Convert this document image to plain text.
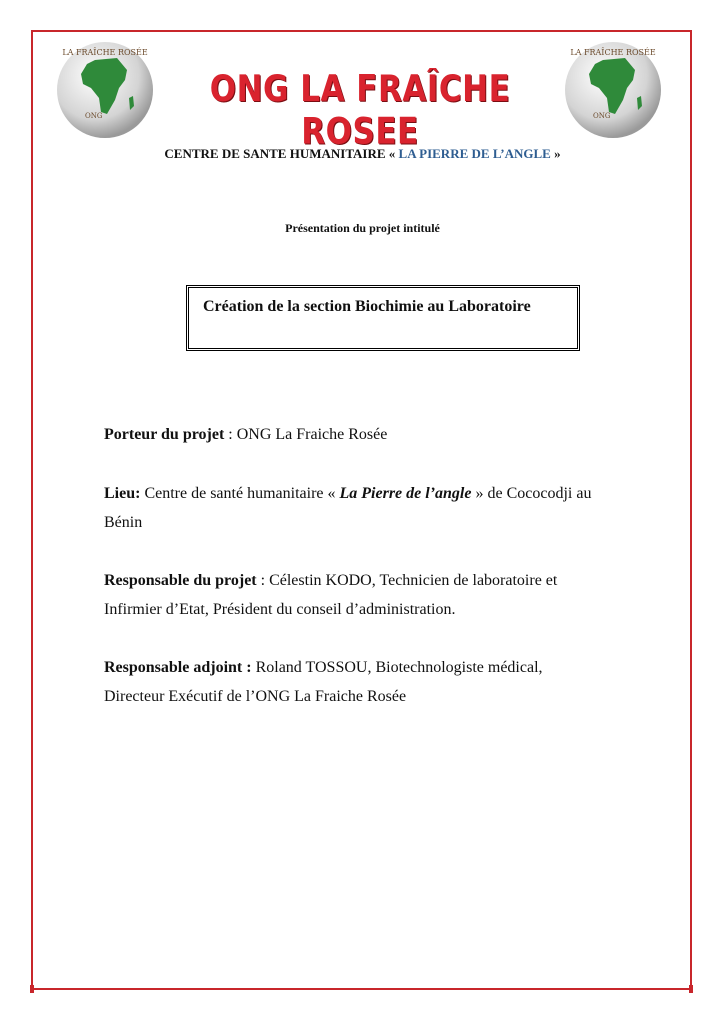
LA FRAÎCHE ROSÉE
ONG
LA FRAÎCHE ROSÉE
ONG
ONG LA FRAÎCHE ROSEE
CENTRE DE SANTE HUMANITAIRE « LA PIERRE DE L’ANGLE »
Présentation du projet intitulé
Création de la section Biochimie au Laboratoire
Porteur du projet : ONG La Fraiche Rosée
Lieu: Centre de santé humanitaire « La Pierre de l’angle » de Cococodji au
Bénin
Responsable du projet : Célestin KODO, Technicien de laboratoire et
Infirmier d’Etat, Président du conseil d’administration.
Responsable adjoint : Roland TOSSOU, Biotechnologiste médical,
Directeur Exécutif de l’ONG La Fraiche Rosée
